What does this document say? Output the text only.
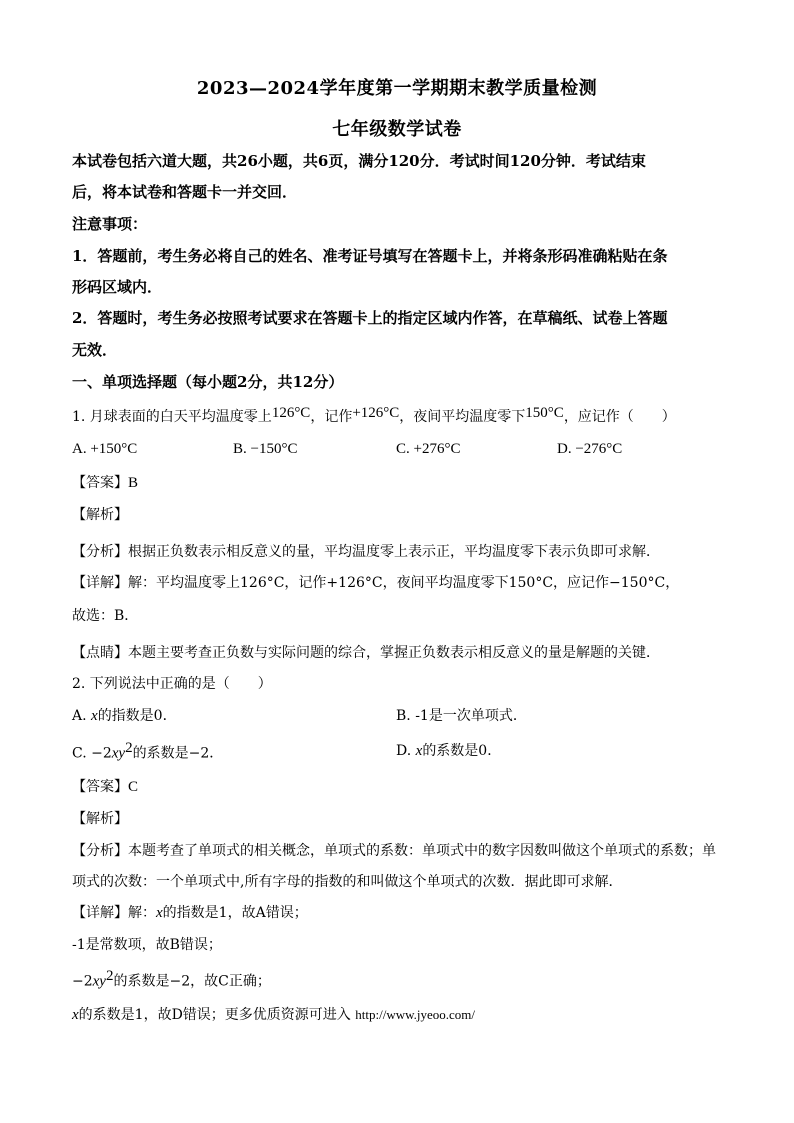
2023—2024学年度第一学期期末教学质量检测
七年级数学试卷
本试卷包括六道大题，共26小题，共6页，满分120分．考试时间120分钟．考试结束
后，将本试卷和答题卡一并交回．
注意事项：
1．答题前，考生务必将自己的姓名、准考证号填写在答题卡上，并将条形码准确粘贴在条
形码区域内．
2．答题时，考生务必按照考试要求在答题卡上的指定区域内作答，在草稿纸、试卷上答题
无效．
一、单项选择题（每小题2分，共12分）
1. 月球表面的白天平均温度零上126°C，记作+126°C，夜间平均温度零下150°C，应记作（　　）
A. +150°C	B. −150°C	C. +276°C	D. −276°C
【答案】B
【解析】
【分析】根据正负数表示相反意义的量，平均温度零上表示正，平均温度零下表示负即可求解．
【详解】解：平均温度零上126°C，记作+126°C，夜间平均温度零下150°C，应记作−150°C，
故选：B．
【点睛】本题主要考查正负数与实际问题的综合，掌握正负数表示相反意义的量是解题的关键．
2. 下列说法中正确的是（　　）
A. x的指数是0．	B. -1是一次单项式．
C. $-2xy^2$的系数是−2．	D. x的系数是0．
【答案】C
【解析】
【分析】本题考查了单项式的相关概念，单项式的系数：单项式中的数字因数叫做这个单项式的系数；单
项式的次数：一个单项式中,所有字母的指数的和叫做这个单项式的次数．据此即可求解．
【详解】解：x的指数是1，故A错误；
-1是常数项，故B错误；
$-2xy^2$的系数是−2，故C正确；
x的系数是1，故D错误；更多优质资源可进入 http://www.jyeoo.com/
